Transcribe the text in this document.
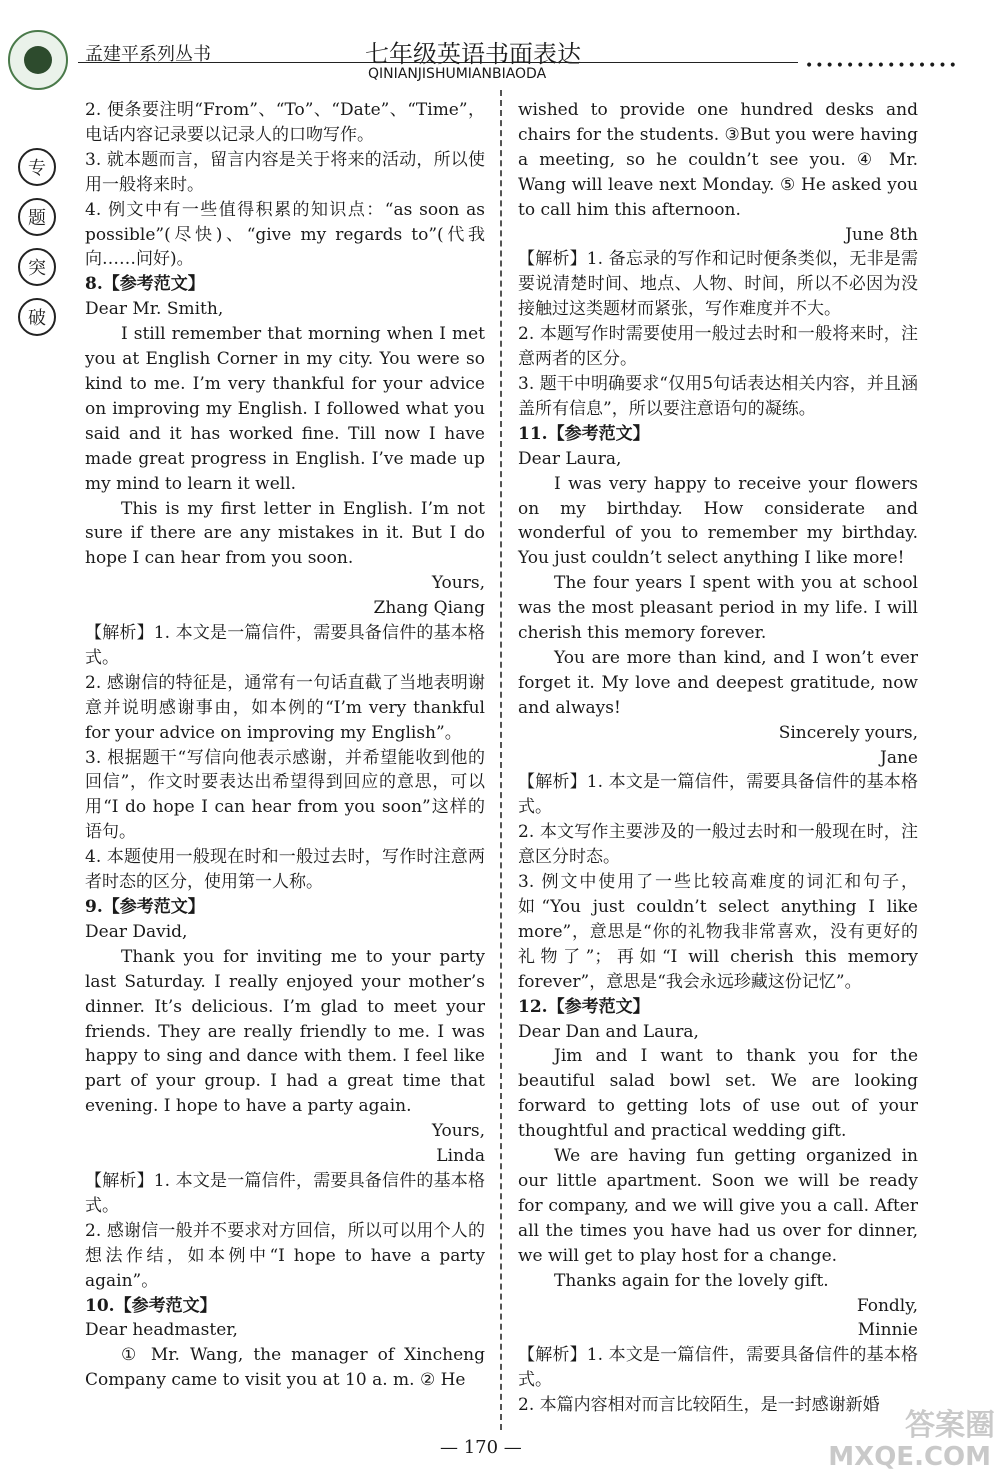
孟建平系列丛书	七年级英语书面表达
QINIANJISHUMIANBIAODA	•••••••••••••••
专
题
突
破

2. 便条要注明“From”、“To”、“Date”、“Time”，电话内容记录要以记录人的口吻写作。

3. 就本题而言，留言内容是关于将来的活动，所以使用一般将来时。

4. 例文中有一些值得积累的知识点：“as soon as possible”(尽快)、“give my regards to”(代我向……问好)。

8.【参考范文】

Dear Mr. Smith,

I still remember that morning when I met you at English Corner in my city. You were so kind to me. I’m very thankful for your advice on improving my English. I followed what you said and it has worked fine. Till now I have made great progress in English. I’ve made up my mind to learn it well.

This is my first letter in English. I’m not sure if there are any mistakes in it. But I do hope I can hear from you soon.

Yours,

Zhang Qiang

【解析】1. 本文是一篇信件，需要具备信件的基本格式。

2. 感谢信的特征是，通常有一句话直截了当地表明谢意并说明感谢事由，如本例的“I’m very thankful for your advice on improving my English”。

3. 根据题干“写信向他表示感谢，并希望能收到他的回信”，作文时要表达出希望得到回应的意思，可以用“I do hope I can hear from you soon”这样的语句。

4. 本题使用一般现在时和一般过去时，写作时注意两者时态的区分，使用第一人称。

9.【参考范文】

Dear David,

Thank you for inviting me to your party last Saturday. I really enjoyed your mother’s dinner. It’s delicious. I’m glad to meet your friends. They are really friendly to me. I was happy to sing and dance with them. I feel like part of your group. I had a great time that evening. I hope to have a party again.

Yours,

Linda

【解析】1. 本文是一篇信件，需要具备信件的基本格式。

2. 感谢信一般并不要求对方回信，所以可以用个人的想法作结，如本例中“I hope to have a party again”。

10.【参考范文】

Dear headmaster,

① Mr. Wang, the manager of Xincheng Company came to visit you at 10 a. m. ② He

wished to provide one hundred desks and chairs for the students. ③But you were having a meeting, so he couldn’t see you. ④ Mr. Wang will leave next Monday. ⑤ He asked you to call him this afternoon.

June 8th

【解析】1. 备忘录的写作和记时便条类似，无非是需要说清楚时间、地点、人物、时间，所以不必因为没接触过这类题材而紧张，写作难度并不大。

2. 本题写作时需要使用一般过去时和一般将来时，注意两者的区分。

3. 题干中明确要求“仅用5句话表达相关内容，并且涵盖所有信息”，所以要注意语句的凝练。

11.【参考范文】

Dear Laura,

I was very happy to receive your flowers on my birthday. How considerate and wonderful of you to remember my birthday. You just couldn’t select anything I like more!

The four years I spent with you at school was the most pleasant period in my life. I will cherish this memory forever.

You are more than kind, and I won’t ever forget it. My love and deepest gratitude, now and always!

Sincerely yours,

Jane

【解析】1. 本文是一篇信件，需要具备信件的基本格式。

2. 本文写作主要涉及的一般过去时和一般现在时，注意区分时态。

3. 例文中使用了一些比较高难度的词汇和句子，如“You just couldn’t select anything I like more”，意思是“你的礼物我非常喜欢，没有更好的礼物了”；再如“I will cherish this memory forever”，意思是“我会永远珍藏这份记忆”。

12.【参考范文】

Dear Dan and Laura,

Jim and I want to thank you for the beautiful salad bowl set. We are looking forward to getting lots of use out of your thoughtful and practical wedding gift.

We are having fun getting organized in our little apartment. Soon we will be ready for company, and we will give you a call. After all the times you have had us over for dinner, we will get to play host for a change.

Thanks again for the lovely gift.

Fondly,

Minnie

【解析】1. 本文是一篇信件，需要具备信件的基本格式。

2. 本篇内容相对而言比较陌生，是一封感谢新婚

— 170 —
答案圈
MXQE.COM
